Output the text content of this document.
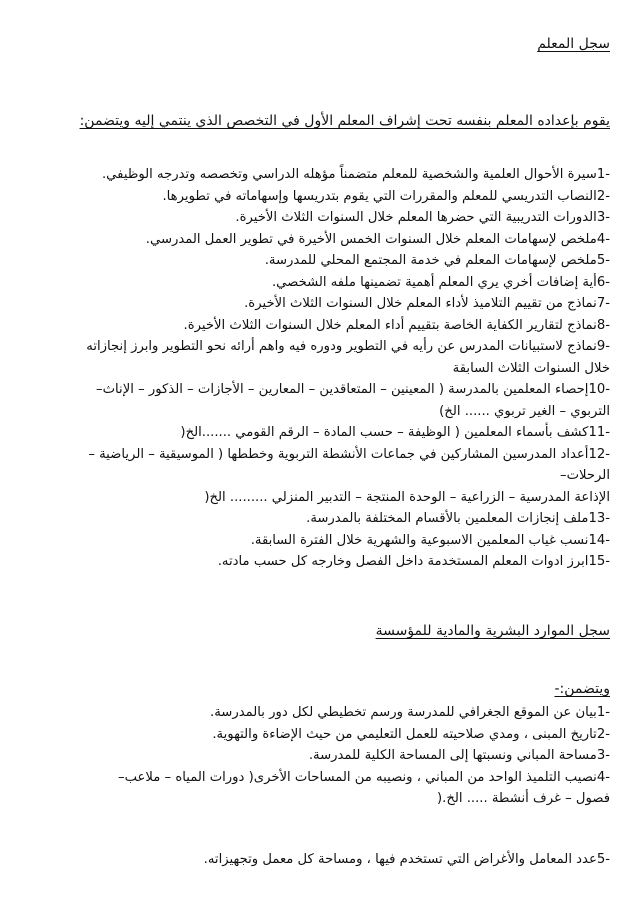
سجل المعلم
يقوم بإعداده المعلم بنفسه تحت إشراف المعلم الأول في التخصص الذي ينتمي إليه ويتضمن:
-1سيرة الأحوال العلمية والشخصية للمعلم متضمناً مؤهله الدراسي وتخصصه وتدرجه الوظيفي.
-2النصاب التدريسي للمعلم والمقررات التي يقوم بتدريسها وإسهاماته في تطويرها.
-3الدورات التدريبية التي حضرها المعلم خلال السنوات الثلاث الأخيرة.
-4ملخص لإسهامات المعلم خلال السنوات الخمس الأخيرة في تطوير العمل المدرسي.
-5ملخص لإسهامات المعلم في خدمة المجتمع المحلي للمدرسة.
-6أية إضافات أخري يري المعلم أهمية تضمينها ملفه الشخصي.
-7نماذج من تقييم التلاميذ لأداء المعلم خلال السنوات الثلاث الأخيرة.
-8نماذج لتقارير الكفاية الخاصة بتقييم أداء المعلم خلال السنوات الثلاث الأخيرة.
-9نماذج لاستبيانات المدرس عن رأيه في التطوير ودوره فيه واهم أرائه نحو التطوير وابرز إنجازاته
خلال السنوات الثلاث السابقة
-10إحصاء المعلمين بالمدرسة ( المعينين – المتعاقدين – المعارين – الأجازات – الذكور – الإناث–
التربوي – الغير تربوي ...... الخ)
-11كشف بأسماء المعلمين ( الوظيفة – حسب المادة – الرقم القومي .......الخ(
-12أعداد المدرسين المشاركين في جماعات الأنشطة التربوية وخططها ( الموسيقية – الرياضية –
الرحلات–
الإذاعة المدرسية – الزراعية – الوحدة المنتجة – التدبير المنزلي ......... الخ(
-13ملف إنجازات المعلمين بالأقسام المختلفة بالمدرسة.
-14نسب غياب المعلمين الاسبوعية والشهرية خلال الفترة السابقة.
-15ابرز ادوات المعلم المستخدمة داخل الفصل وخارجه كل حسب مادته.
سجل الموارد البشرية والمادية للمؤسسة
ويتضمن:-
-1بيان عن الموقع الجغرافي للمدرسة ورسم تخطيطي لكل دور بالمدرسة.
-2تاريخ المبنى ، ومدي صلاحيته للعمل التعليمي من حيث الإضاءة والتهوية.
-3مساحة المباني ونسبتها إلى المساحة الكلية للمدرسة.
-4نصيب التلميذ الواحد من المباني ، ونصيبه من المساحات الأخرى( دورات المياه – ملاعب–
فصول – غرف أنشطة ..... الخ.(
-5عدد المعامل والأغراض التي تستخدم فيها ، ومساحة كل معمل وتجهيزاته.
